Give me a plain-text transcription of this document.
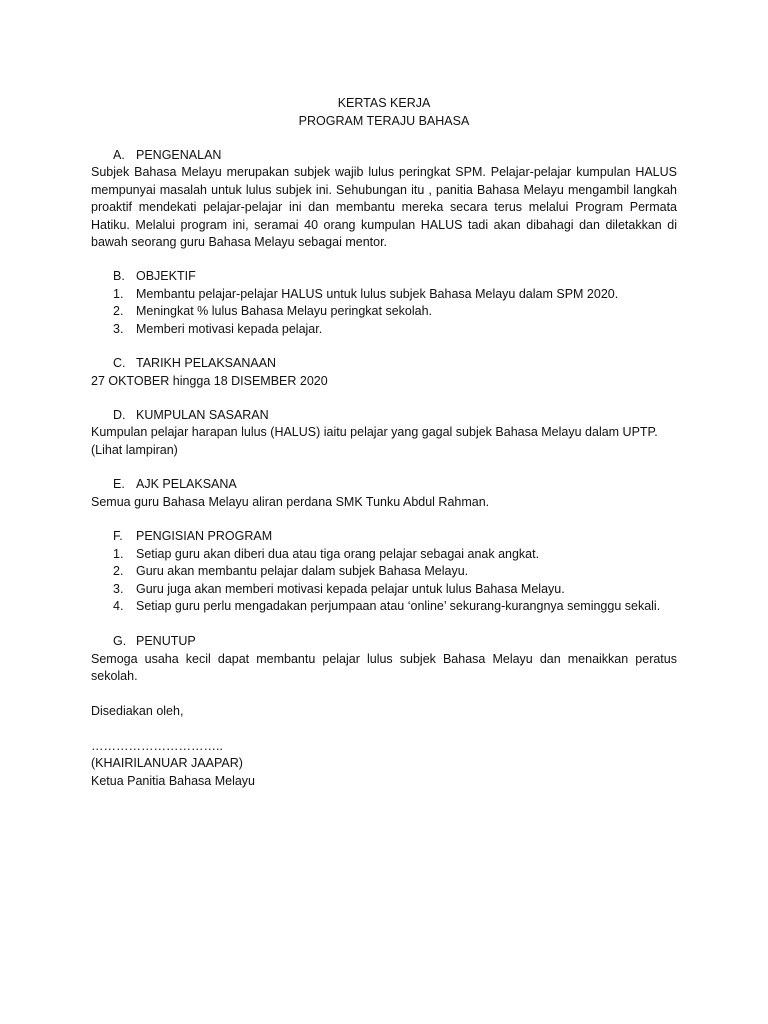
KERTAS KERJA
PROGRAM TERAJU BAHASA
A. PENGENALAN
Subjek Bahasa Melayu merupakan subjek wajib lulus peringkat SPM. Pelajar-pelajar kumpulan HALUS
mempunyai masalah untuk lulus subjek ini. Sehubungan itu , panitia Bahasa Melayu mengambil langkah
proaktif mendekati pelajar-pelajar ini dan membantu mereka secara terus melalui Program Permata
Hatiku. Melalui program ini, seramai 40 orang kumpulan HALUS tadi akan dibahagi dan diletakkan di
bawah seorang guru Bahasa Melayu sebagai mentor.
B. OBJEKTIF
1. Membantu pelajar-pelajar HALUS untuk lulus subjek Bahasa Melayu dalam SPM 2020.
2. Meningkat % lulus Bahasa Melayu peringkat sekolah.
3. Memberi motivasi kepada pelajar.
C. TARIKH PELAKSANAAN
27 OKTOBER hingga 18 DISEMBER 2020
D. KUMPULAN SASARAN
Kumpulan pelajar harapan lulus (HALUS) iaitu pelajar yang gagal subjek Bahasa Melayu dalam UPTP.
(Lihat lampiran)
E. AJK PELAKSANA
Semua guru Bahasa Melayu aliran perdana SMK Tunku Abdul Rahman.
F. PENGISIAN PROGRAM
1. Setiap guru akan diberi dua atau tiga orang pelajar sebagai anak angkat.
2. Guru akan membantu pelajar dalam subjek Bahasa Melayu.
3. Guru juga akan memberi motivasi kepada pelajar untuk lulus Bahasa Melayu.
4. Setiap guru perlu mengadakan perjumpaan atau ‘online’ sekurang-kurangnya seminggu sekali.
G. PENUTUP
Semoga usaha kecil dapat membantu pelajar lulus subjek Bahasa Melayu dan menaikkan peratus
sekolah.
Disediakan oleh,
…………………………..
(KHAIRILANUAR JAAPAR)
Ketua Panitia Bahasa Melayu
